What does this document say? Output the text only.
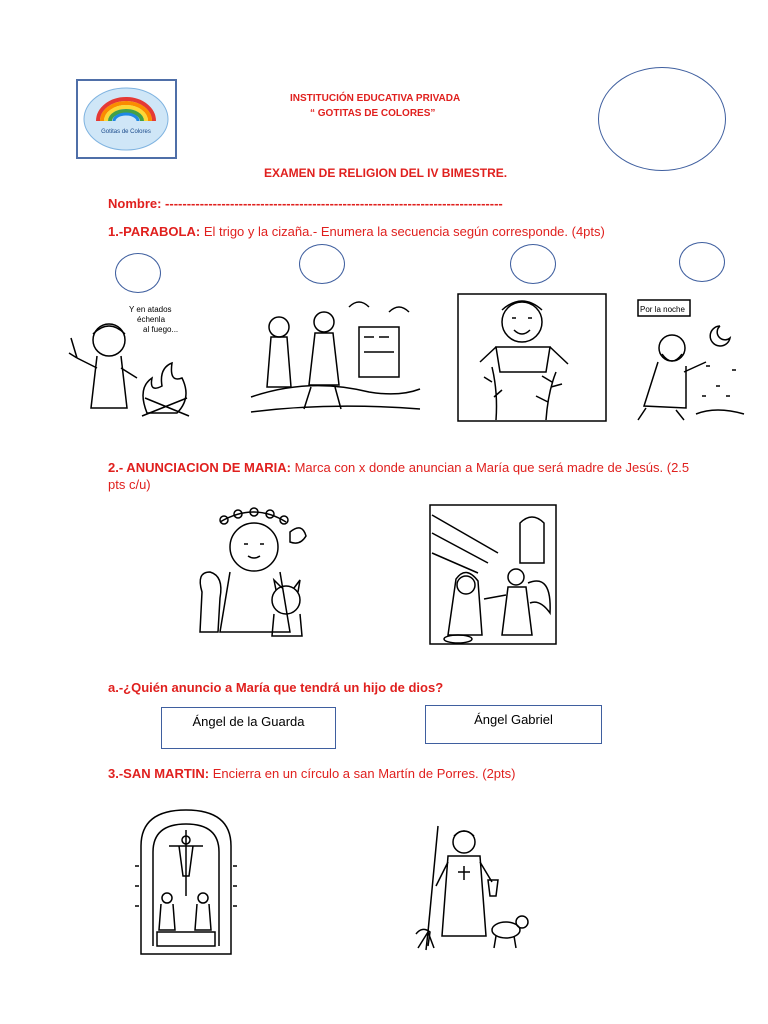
Gotitas de Colores
INSTITUCIÓN EDUCATIVA PRIVADA
“ GOTITAS DE COLORES”
EXAMEN DE RELIGION DEL IV BIMESTRE.
Nombre: ------------------------------------------------------------------------------
1.-PARABOLA: El trigo y la cizaña.- Enumera la secuencia según corresponde. (4pts)
Y en atados
échenla
al fuego...
Por la noche
2.- ANUNCIACION DE MARIA: Marca con x donde anuncian a María que será madre de Jesús. (2.5
pts c/u)
a.-¿Quién anuncio a María que tendrá un hijo de dios?
Ángel de la Guarda	Ángel Gabriel
3.-SAN MARTIN: Encierra en un círculo a san Martín de Porres. (2pts)
